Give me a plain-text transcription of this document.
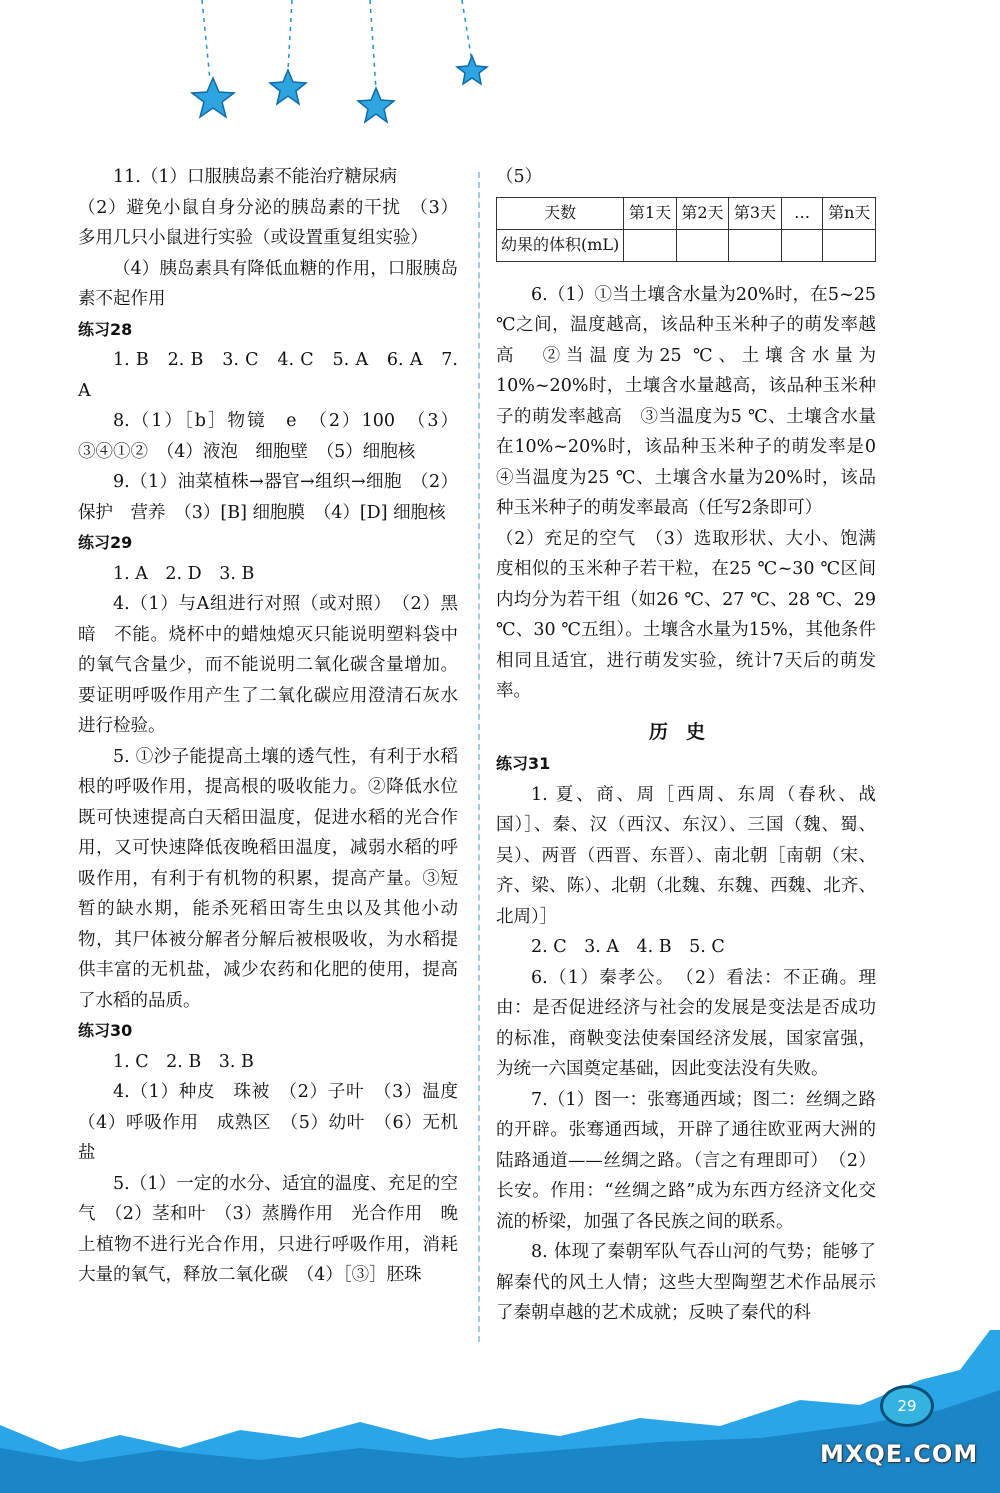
11.（1）口服胰岛素不能治疗糖尿病

（2）避免小鼠自身分泌的胰岛素的干扰　（3）多用几只小鼠进行实验（或设置重复组实验）

（4）胰岛素具有降低血糖的作用，口服胰岛素不起作用

练习28

1. B　2. B　3. C　4. C　5. A　6. A　7. A

8.（1）［b］物镜　e　（2）100　（3）③④①②　（4）液泡　细胞壁　（5）细胞核

9.（1）油菜植株→器官→组织→细胞　（2）保护　营养　（3）[B] 细胞膜　（4）[D] 细胞核

练习29

1. A　2. D　3. B

4.（1）与A组进行对照（或对照）　（2）黑暗　不能。烧杯中的蜡烛熄灭只能说明塑料袋中的氧气含量少，而不能说明二氧化碳含量增加。要证明呼吸作用产生了二氧化碳应用澄清石灰水进行检验。

5. ①沙子能提高土壤的透气性，有利于水稻根的呼吸作用，提高根的吸收能力。②降低水位既可快速提高白天稻田温度，促进水稻的光合作用，又可快速降低夜晚稻田温度，减弱水稻的呼吸作用，有利于有机物的积累，提高产量。③短暂的缺水期，能杀死稻田寄生虫以及其他小动物，其尸体被分解者分解后被根吸收，为水稻提供丰富的无机盐，减少农药和化肥的使用，提高了水稻的品质。

练习30

1. C　2. B　3. B

4.（1）种皮　珠被　（2）子叶　（3）温度　（4）呼吸作用　成熟区　（5）幼叶　（6）无机盐

5.（1）一定的水分、适宜的温度、充足的空气　（2）茎和叶　（3）蒸腾作用　光合作用　晚上植物不进行光合作用，只进行呼吸作用，消耗大量的氧气，释放二氧化碳　（4）［③］胚珠

（5）

天数	第1天	第2天	第3天	…	第n天
幼果的体积(mL)					

6.（1）①当土壤含水量为20%时，在5~25 ℃之间，温度越高，该品种玉米种子的萌发率越高　②当温度为25 ℃、土壤含水量为10%~20%时，土壤含水量越高，该品种玉米种子的萌发率越高　③当温度为5 ℃、土壤含水量在10%~20%时，该品种玉米种子的萌发率是0　④当温度为25 ℃、土壤含水量为20%时，该品种玉米种子的萌发率最高（任写2条即可）

（2）充足的空气　（3）选取形状、大小、饱满度相似的玉米种子若干粒，在25 ℃~30 ℃区间内均分为若干组（如26 ℃、27 ℃、28 ℃、29 ℃、30 ℃五组）。土壤含水量为15%，其他条件相同且适宜，进行萌发实验，统计7天后的萌发率。

历史

练习31

1. 夏、商、周［西周、东周（春秋、战国）］、秦、汉（西汉、东汉）、三国（魏、蜀、吴）、两晋（西晋、东晋）、南北朝［南朝（宋、齐、梁、陈）、北朝（北魏、东魏、西魏、北齐、北周）］

2. C　3. A　4. B　5. C

6.（1）秦孝公。　（2）看法：不正确。理由：是否促进经济与社会的发展是变法是否成功的标准，商鞅变法使秦国经济发展，国家富强，为统一六国奠定基础，因此变法没有失败。

7.（1）图一：张骞通西域；图二：丝绸之路的开辟。张骞通西域，开辟了通往欧亚两大洲的陆路通道——丝绸之路。（言之有理即可）　（2）长安。作用：“丝绸之路”成为东西方经济文化交流的桥梁，加强了各民族之间的联系。

8. 体现了秦朝军队气吞山河的气势；能够了解秦代的风土人情；这些大型陶塑艺术作品展示了秦朝卓越的艺术成就；反映了秦代的科

29
MXQE.COM
